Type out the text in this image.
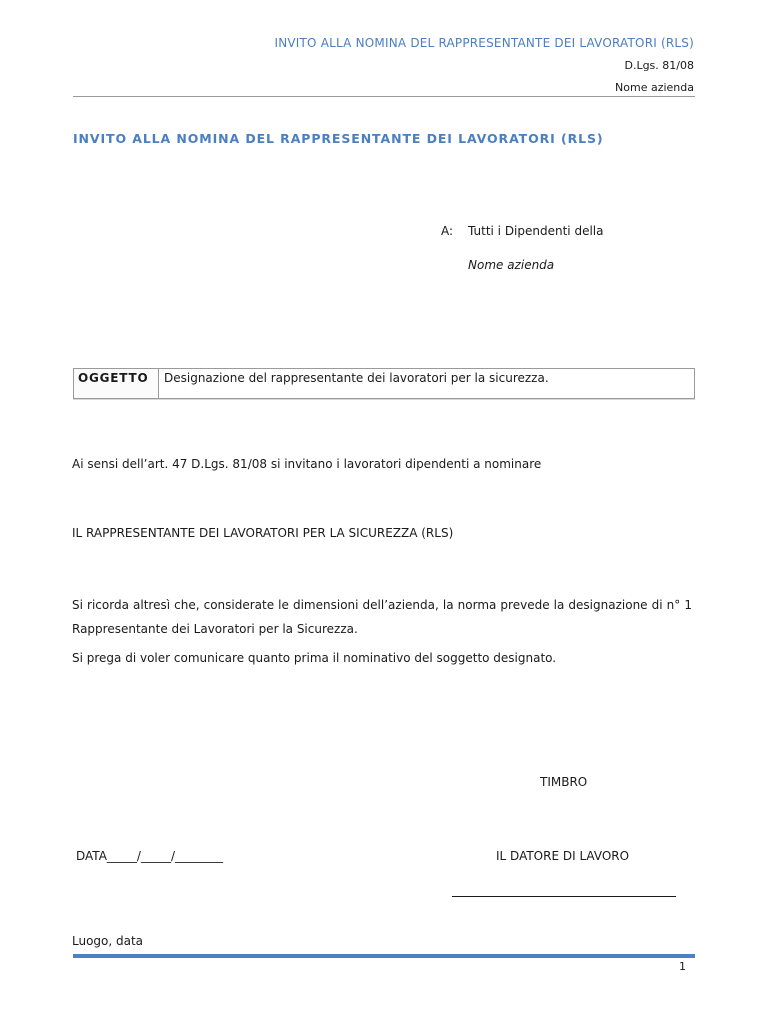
INVITO ALLA NOMINA DEL RAPPRESENTANTE DEI LAVORATORI (RLS)
D.Lgs. 81/08
Nome azienda
INVITO ALLA NOMINA DEL RAPPRESENTANTE DEI LAVORATORI (RLS)
A: Tutti i Dipendenti della
Nome azienda
OGGETTO	Designazione del rappresentante dei lavoratori per la sicurezza.
Ai sensi dell’art. 47 D.Lgs. 81/08 si invitano i lavoratori dipendenti a nominare
IL RAPPRESENTANTE DEI LAVORATORI PER LA SICUREZZA (RLS)
Si ricorda altresì che, considerate le dimensioni dell’azienda, la norma prevede la designazione di n° 1 Rappresentante dei Lavoratori per la Sicurezza.
Si prega di voler comunicare quanto prima il nominativo del soggetto designato.
TIMBRO
DATA_____/_____/________	IL DATORE DI LAVORO
Luogo, data
1
